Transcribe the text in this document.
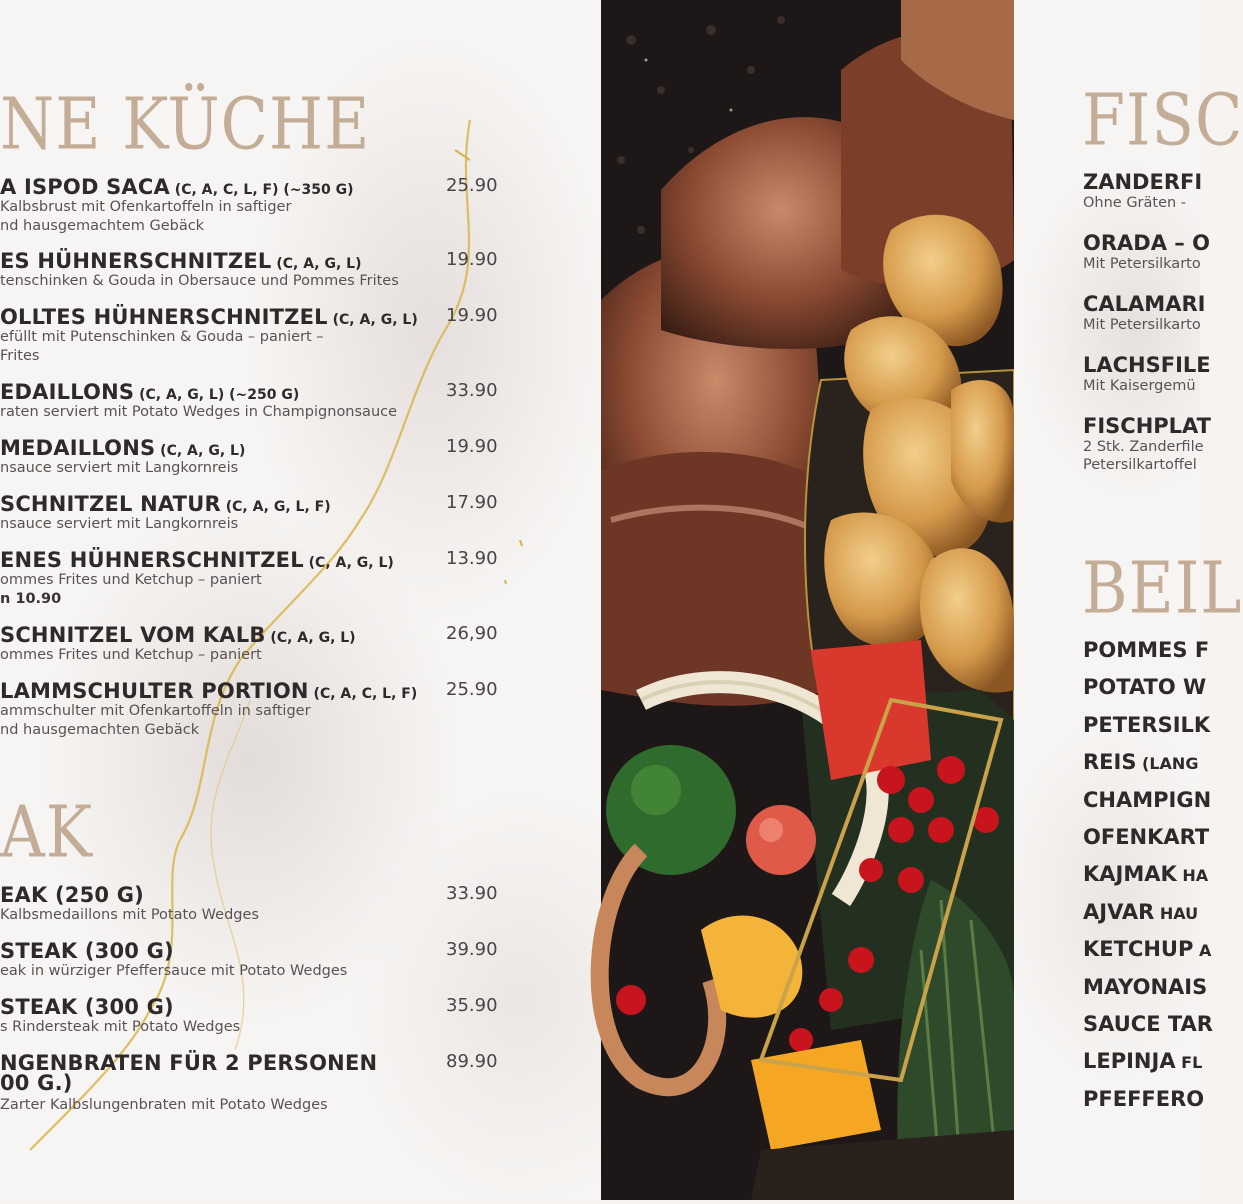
NE KÜCHE
A ISPOD SACA (C, A, C, L, F) (~350 G)
Kalbsbrust mit Ofenkartoffeln in saftiger
nd hausgemachtem Gebäck
25.90
ES HÜHNERSCHNITZEL (C, A, G, L)
tenschinken & Gouda in Obersauce und Pommes Frites
19.90
OLLTES HÜHNERSCHNITZEL (C, A, G, L)
efüllt mit Putenschinken & Gouda – paniert –
Frites
19.90
EDAILLONS (C, A, G, L) (~250 G)
raten serviert mit Potato Wedges in Champignonsauce
33.90
MEDAILLONS (C, A, G, L)
nsauce serviert mit Langkornreis
19.90
SCHNITZEL NATUR (C, A, G, L, F)
nsauce serviert mit Langkornreis
17.90
ENES HÜHNERSCHNITZEL (C, A, G, L)
ommes Frites und Ketchup – paniert
n 10.90
13.90
SCHNITZEL VOM KALB (C, A, G, L)
ommes Frites und Ketchup – paniert
26,90
LAMMSCHULTER PORTION (C, A, C, L, F)
ammschulter mit Ofenkartoffeln in saftiger
nd hausgemachten Gebäck
25.90
AK
EAK (250 G)
Kalbsmedaillons mit Potato Wedges
33.90
STEAK (300 G)
eak in würziger Pfeffersauce mit Potato Wedges
39.90
STEAK (300 G)
s Rindersteak mit Potato Wedges
35.90
NGENBRATEN FÜR 2 PERSONEN
00 G.)
Zarter Kalbslungenbraten mit Potato Wedges
89.90
FISC
ZANDERFI
Ohne Gräten -
ORADA – O
Mit Petersilkarto
CALAMARI
Mit Petersilkarto
LACHSFILE
Mit Kaisergemü
FISCHPLAT
2 Stk. Zanderfile
Petersilkartoffel
BEIL
POMMES F
POTATO W
PETERSILK
REIS (LANG
CHAMPIGN
OFENKART
KAJMAK HA
AJVAR HAU
KETCHUP A
MAYONAIS
SAUCE TAR
LEPINJA FL
PFEFFERO
